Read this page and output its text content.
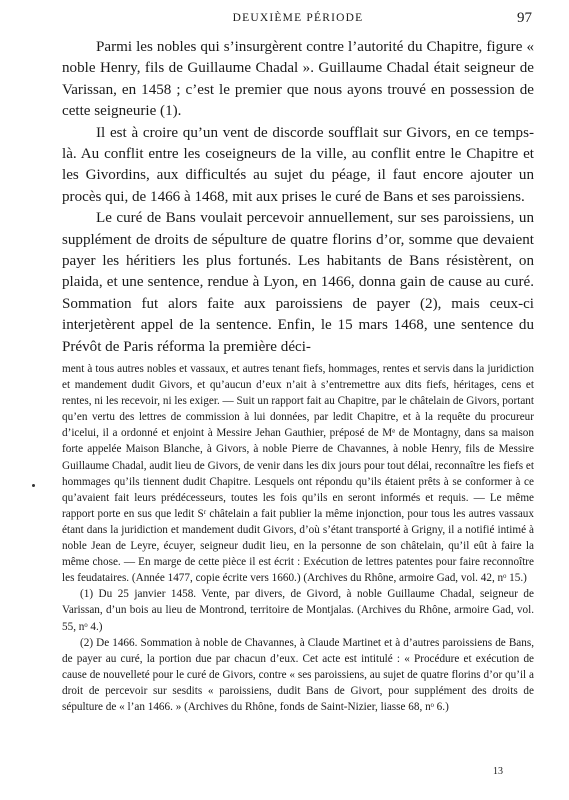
DEUXIÈME PÉRIODE	97

Parmi les nobles qui s’insurgèrent contre l’autorité du Chapitre, figure « noble Henry, fils de Guillaume Chadal ». Guillaume Chadal était seigneur de Varissan, en 1458 ; c’est le premier que nous ayons trouvé en possession de cette seigneurie (1).

Il est à croire qu’un vent de discorde soufflait sur Givors, en ce temps-là. Au conflit entre les coseigneurs de la ville, au conflit entre le Chapitre et les Givordins, aux difficultés au sujet du péage, il faut encore ajouter un procès qui, de 1466 à 1468, mit aux prises le curé de Bans et ses paroissiens.

Le curé de Bans voulait percevoir annuellement, sur ses paroissiens, un supplément de droits de sépulture de quatre florins d’or, somme que devaient payer les héritiers les plus fortunés. Les habitants de Bans résistèrent, on plaida, et une sentence, rendue à Lyon, en 1466, donna gain de cause au curé. Sommation fut alors faite aux paroissiens de payer (2), mais ceux-ci interjetèrent appel de la sentence. Enfin, le 15 mars 1468, une sentence du Prévôt de Paris réforma la première déci-

ment à tous autres nobles et vassaux, et autres tenant fiefs, hommages, rentes et servis dans la juridiction et mandement dudit Givors, et qu’aucun d’eux n’ait à s’entremettre aux dits fiefs, héritages, cens et rentes, ni les recevoir, ni les exiger. — Suit un rapport fait au Chapitre, par le châtelain de Givors, portant qu’en vertu des lettres de commission à lui données, par ledit Chapitre, et à la requête du procureur d’icelui, il a ordonné et enjoint à Messire Jehan Gauthier, préposé de Mᵉ de Montagny, dans sa maison forte appelée Maison Blanche, à Givors, à noble Pierre de Chavannes, à noble Henry, fils de Messire Guillaume Chadal, audit lieu de Givors, de venir dans les dix jours pour tout délai, reconnaître les fiefs et hommages qu’ils tiennent dudit Chapitre. Lesquels ont répondu qu’ils étaient prêts à se conformer à ce qu’avaient fait leurs prédécesseurs, toutes les fois qu’ils en seront informés et requis. — Le même rapport porte en sus que ledit Sʳ châtelain a fait publier la même injonction, pour tous les autres vassaux étant dans la juridiction et mandement dudit Givors, d’où s’étant transporté à Grigny, il a notifié intimé à noble Jean de Leyre, écuyer, seigneur dudit lieu, en la personne de son châtelain, qu’il eût à faire la même chose. — En marge de cette pièce il est écrit : Exécution de lettres patentes pour faire reconnoître les feudataires. (Année 1477, copie écrite vers 1660.) (Archives du Rhône, armoire Gad, vol. 42, nᵒ 15.)

(1) Du 25 janvier 1458. Vente, par divers, de Givord, à noble Guillaume Chadal, seigneur de Varissan, d’un bois au lieu de Montrond, territoire de Montjalas. (Archives du Rhône, armoire Gad, vol. 55, nᵒ 4.)

(2) De 1466. Sommation à noble de Chavannes, à Claude Martinet et à d’autres paroissiens de Bans, de payer au curé, la portion due par chacun d’eux. Cet acte est intitulé : « Procédure et exécution de cause de nouvelleté pour le curé de Givors, contre « ses paroissiens, au sujet de quatre florins d’or qu’il a droit de percevoir sur sesdits « paroissiens, dudit Bans de Givort, pour supplément des droits de sépulture de « l’an 1466. » (Archives du Rhône, fonds de Saint-Nizier, liasse 68, nᵒ 6.)

13
